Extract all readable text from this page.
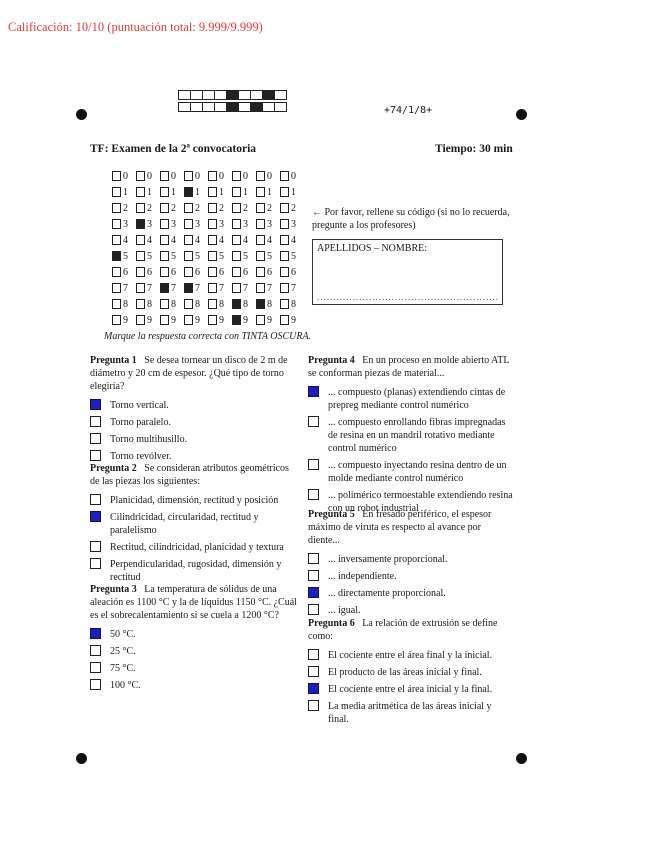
Calificación: 10/10 (puntuación total: 9.999/9.999)
+74/1/8+
TF: Examen de la 2ª convocatoria	Tiempo: 30 min
0 0 0 0 0 0 0 0
1 1 1 1 1 1 1 1
2 2 2 2 2 2 2 2
3 3 3 3 3 3 3 3
4 4 4 4 4 4 4 4
5 5 5 5 5 5 5 5
6 6 6 6 6 6 6 6
7 7 7 7 7 7 7 7
8 8 8 8 8 8 8 8
9 9 9 9 9 9 9 9
← Por favor, rellene su código (si no lo recuerda, pregunte a los profesores)
APELLIDOS – NOMBRE:
........................................................
Marque la respuesta correcta con TINTA OSCURA.
Pregunta 1 Se desea tornear un disco de 2 m de diámetro y 20 cm de espesor. ¿Qué tipo de torno elegiría?
Torno vertical.
Torno paralelo.
Torno multihusillo.
Torno revólver.
Pregunta 2 Se consideran atributos geométricos de las piezas los siguientes:
Planicidad, dimensión, rectitud y posición
Cilindricidad, circularidad, rectitud y paralelismo
Rectitud, cilindricidad, planicidad y textura
Perpendicularidad, rugosidad, dimensión y rectitud
Pregunta 3 La temperatura de sólidus de una aleación es 1100 °C y la de líquidus 1150 °C. ¿Cuál es el sobrecalentamiento si se cuela a 1200 °C?
50 °C.
25 °C.
75 °C.
100 °C.
Pregunta 4 En un proceso en molde abierto ATL se conforman piezas de material...
... compuesto (planas) extendiendo cintas de prepreg mediante control numérico
... compuesto enrollando fibras impregnadas de resina en un mandril rotativo mediante control numérico
... compuesto inyectando resina dentro de un molde mediante control numérico
... polimérico termoestable extendiendo resina con un robot industrial
Pregunta 5 En fresado periférico, el espesor máximo de viruta es respecto al avance por diente...
... inversamente proporcional.
... independiente.
... directamente proporcional.
... igual.
Pregunta 6 La relación de extrusión se define como:
El cociente entre el área final y la inicial.
El producto de las áreas inicial y final.
El cociente entre el área inicial y la final.
La media aritmética de las áreas inicial y final.
